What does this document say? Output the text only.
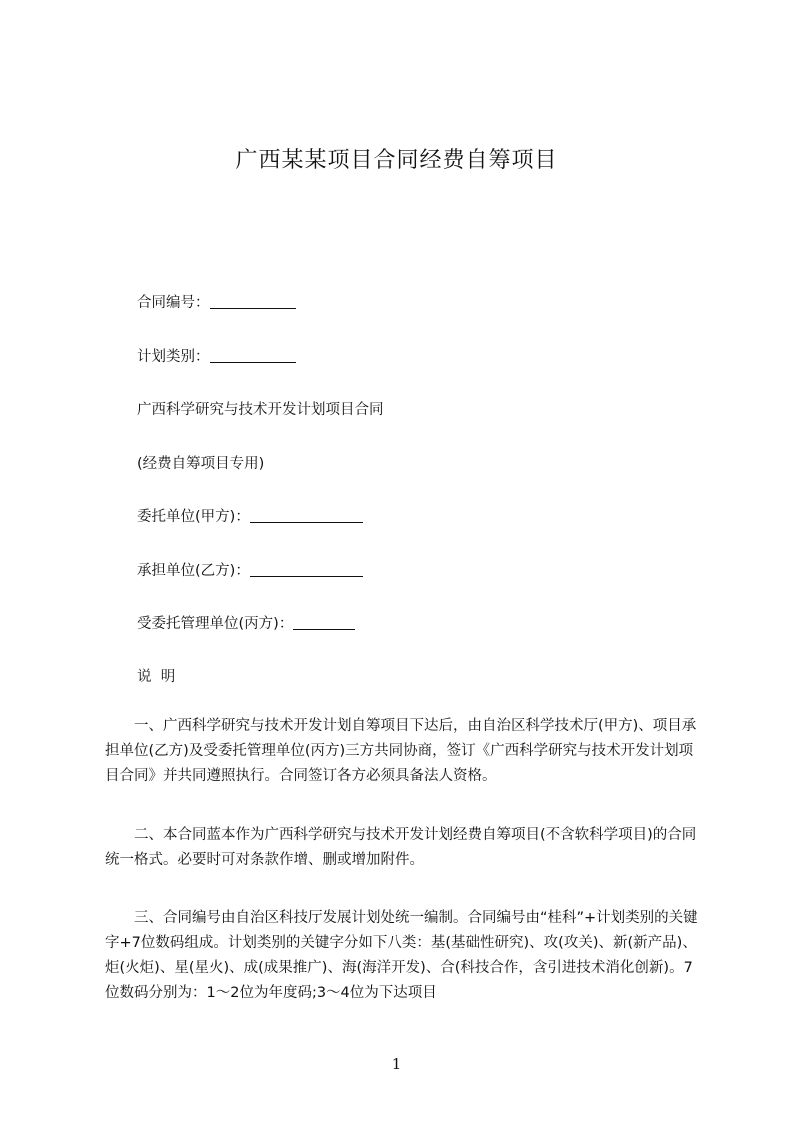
广西某某项目合同经费自筹项目
合同编号：
计划类别：
广西科学研究与技术开发计划项目合同
(经费自筹项目专用)
委托单位(甲方)：
承担单位(乙方)：
受委托管理单位(丙方)：
说  明

一、广西科学研究与技术开发计划自筹项目下达后，由自治区科学技术厅(甲方)、项目承担单位(乙方)及受委托管理单位(丙方)三方共同协商，签订《广西科学研究与技术开发计划项目合同》并共同遵照执行。合同签订各方必须具备法人资格。

二、本合同蓝本作为广西科学研究与技术开发计划经费自筹项目(不含软科学项目)的合同统一格式。必要时可对条款作增、删或增加附件。

三、合同编号由自治区科技厅发展计划处统一编制。合同编号由“桂科”+计划类别的关键字+7位数码组成。计划类别的关键字分如下八类：基(基础性研究)、攻(攻关)、新(新产品)、炬(火炬)、星(星火)、成(成果推广)、海(海洋开发)、合(科技合作，含引进技术消化创新)。7位数码分别为：1～2位为年度码;3～4位为下达项目

1
